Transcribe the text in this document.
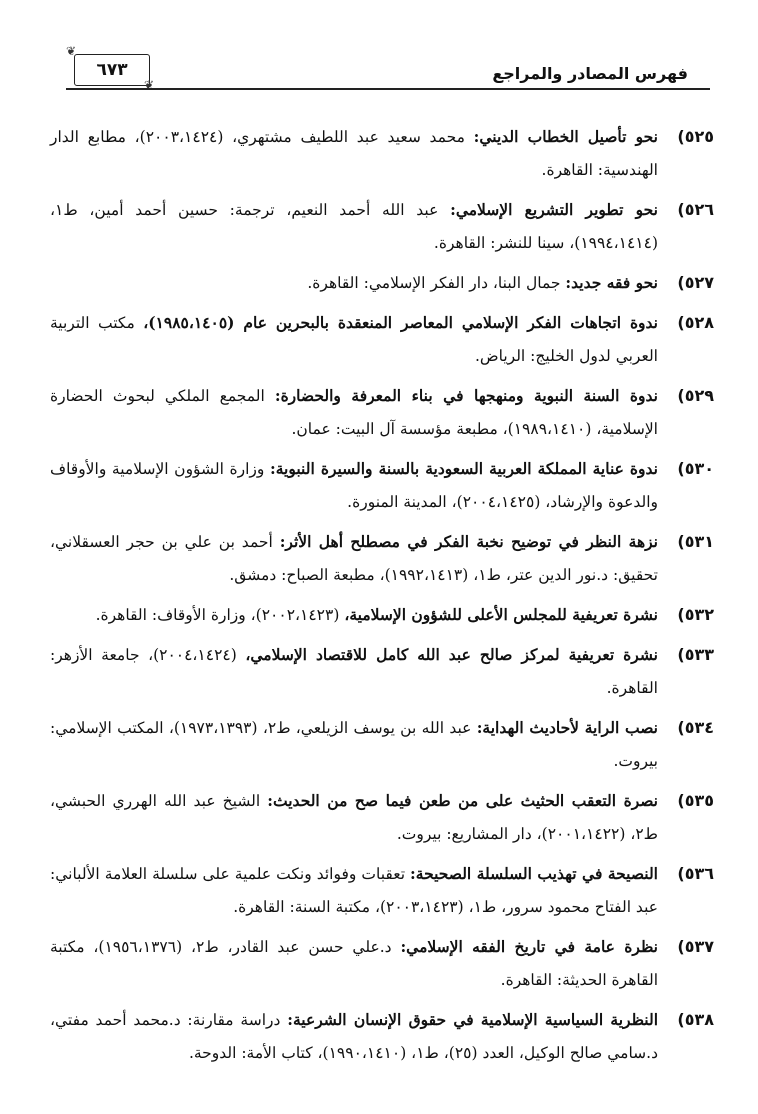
فهرس المصادر والمراجع
٦٧٣
❦
❦
٥٢٥)
نحو تأصيل الخطاب الديني: محمد سعيد عبد اللطيف مشتهري، (٢٠٠٣،١٤٢٤)، مطابع الدار الهندسية: القاهرة.
٥٢٦)
نحو تطوير التشريع الإسلامي: عبد الله أحمد النعيم، ترجمة: حسين أحمد أمين، ط١، (١٩٩٤،١٤١٤)، سينا للنشر: القاهرة.
٥٢٧)
نحو فقه جديد: جمال البنا، دار الفكر الإسلامي: القاهرة.
٥٢٨)
ندوة اتجاهات الفكر الإسلامي المعاصر المنعقدة بالبحرين عام (١٩٨٥،١٤٠٥)، مكتب التربية العربي لدول الخليج: الرياض.
٥٢٩)
ندوة السنة النبوية ومنهجها في بناء المعرفة والحضارة: المجمع الملكي لبحوث الحضارة الإسلامية، (١٩٨٩،١٤١٠)، مطبعة مؤسسة آل البيت: عمان.
٥٣٠)
ندوة عناية المملكة العربية السعودية بالسنة والسيرة النبوية: وزارة الشؤون الإسلامية والأوقاف والدعوة والإرشاد، (٢٠٠٤،١٤٢٥)، المدينة المنورة.
٥٣١)
نزهة النظر في توضيح نخبة الفكر في مصطلح أهل الأثر: أحمد بن علي بن حجر العسقلاني، تحقيق: د.نور الدين عتر، ط١، (١٩٩٢،١٤١٣)، مطبعة الصباح: دمشق.
٥٣٢)
نشرة تعريفية للمجلس الأعلى للشؤون الإسلامية، (٢٠٠٢،١٤٢٣)، وزارة الأوقاف: القاهرة.
٥٣٣)
نشرة تعريفية لمركز صالح عبد الله كامل للاقتصاد الإسلامي، (٢٠٠٤،١٤٢٤)، جامعة الأزهر: القاهرة.
٥٣٤)
نصب الراية لأحاديث الهداية: عبد الله بن يوسف الزيلعي، ط٢، (١٩٧٣،١٣٩٣)، المكتب الإسلامي: بيروت.
٥٣٥)
نصرة التعقب الحثيث على من طعن فيما صح من الحديث: الشيخ عبد الله الهرري الحبشي، ط٢، (٢٠٠١،١٤٢٢)، دار المشاريع: بيروت.
٥٣٦)
النصيحة في تهذيب السلسلة الصحيحة: تعقبات وفوائد ونكت علمية على سلسلة العلامة الألباني: عبد الفتاح محمود سرور، ط١، (٢٠٠٣،١٤٢٣)، مكتبة السنة: القاهرة.
٥٣٧)
نظرة عامة في تاريخ الفقه الإسلامي: د.علي حسن عبد القادر، ط٢، (١٩٥٦،١٣٧٦)، مكتبة القاهرة الحديثة: القاهرة.
٥٣٨)
النظرية السياسية الإسلامية في حقوق الإنسان الشرعية: دراسة مقارنة: د.محمد أحمد مفتي، د.سامي صالح الوكيل، العدد (٢٥)، ط١، (١٩٩٠،١٤١٠)، كتاب الأمة: الدوحة.
